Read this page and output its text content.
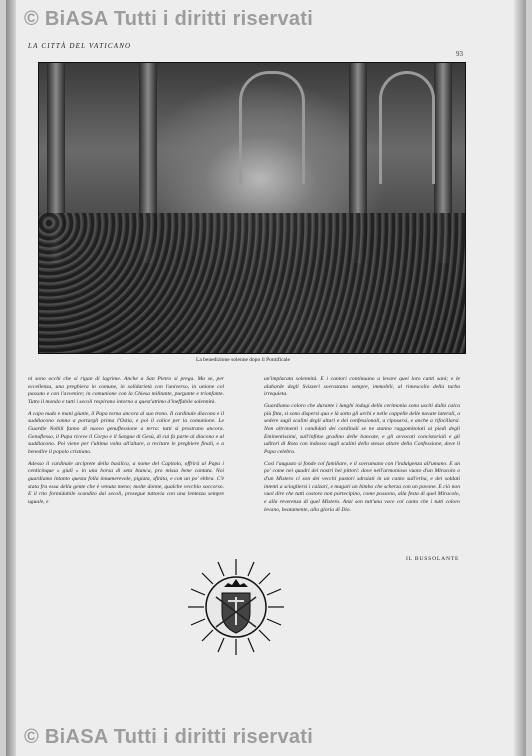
© BiASA Tutti i diritti riservati
LA CITTÀ DEL VATICANO
93
La benedizione solenne dopo il Pontificale

ni sono occhi che si rigan di lagrime. Anche a San Pietro si prega. Ma se, per eccellenza, una preghiera in comune, in solidarietà con l'universo, in unione col passato e con l'avvenire; in comunione con la Chiesa militante, purgante e trionfante. Tutto il mondo e tutti i secoli respirano intorno a quest'attimo d'ineffabile solennità.

A capo nudo e mani giunte, il Papa torna ancora al suo trono. Il cardinale diacono e il suddiacono vanno a portargli prima l'Ostia, e poi il calice per la comunione. Le Guardie Nobili fanno di nuovo genuflessione a terra: tutti si prostrano ancora. Genuflesso, il Papa riceve il Corpo e il Sangue di Gesù, di cui fa parte al diacono e al suddiacono. Poi viene per l'ultima volta all'altare, a recitare le preghiere finali, e a benedire il popolo cristiano.

Adesso il cardinale arciprete della basilica, a nome del Capitolo, offrirà al Papa i centicinque « giulî » in una borsa di seta bianca, pro missa bene cantata. Noi guardiamo intanto questa folla innumerevole, pigiata, sfinita, e con un po' ebbra. C'è stata fra essa della gente che è venuta meno; molte donne, qualche vecchio soccorso. E il rito formidabile scandito dai secoli, prosegue tuttavia con una lentezza sempre uguale, e

un'implacata solennità. E i cantori continuano a levare quei loro canti sani; e le alabarde degli Svizzeri sovrastano sempre, immobili, al rimescolio della turba irrequieta.

Guardiamo coloro che durante i lunghi indugi della cerimonia sono usciti dalla calca più fitta, si sono dispersi qua e là sotto gli archi e nelle cappelle delle navate laterali, a sedere sugli scalini degli altari e dei confessionali, a riposarsi, e anche a rifocillarsi. Non altrimenti i candidati dei cardinali se ne stanno raggomitolati ai piedi degli Eminentissimi, sull'infimo gradino delle bancate, e gli avvocati concistoriali e gli uditori di Rota con indosso sugli scalini dello stesso altare della Confessione, dove il Papa celebra.

Così l'augusto si fonde col familiare, e il sovrumano con l'indulgenza all'umano. E un po' come nei quadri dei nostri bei pittori: dove nell'armonioso vuoto d'un Miracolo o d'un Mistero ci son dei vecchi pastori sdraiati in un canto sull'erba, e dei soldati intenti a sciogliersi i calzari, e magari un bimbo che scherza con un pavone. E ciò non vuol dire che tutti costoro non partecipino, come possono, alla festa di quel Miracolo, e alla reverenza di quel Mistero. Anzi son tutt'una voce col canto che i tutti coloro levano, beatamente, alla gloria di Dio.

IL BUSSOLANTE
© BiASA Tutti i diritti riservati
